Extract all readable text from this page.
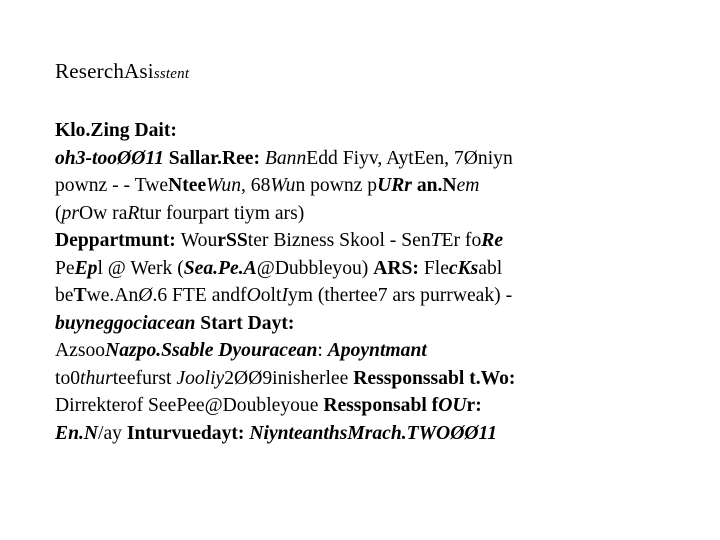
ReserchAsisstent
Klo.Zing Dait:
oh3-tooØØ11 Sallar.Ree: BannEdd Fiyv, AytEen, 7Øniyn
pownz - - TweNteeWun, 68Wun pownz pURr an.Nem
(prOw raRtur fourpart tiym ars)
Deppartmunt: WourSSter Bizness Skool - SenTEr foRe
PeEpl @ Werk (Sea.Pe.A@Dubbleyou) ARS: FlecKsabl
beTwe.AnØ.6 FTE andfOoltIym (thertee7 ars purrweak) -
buyneggociacean Start Dayt:
AzsooNazpo.Ssable Dyouracean: Apoyntmant
to0thurteefurst Jooliy2ØØ9inisherlee Ressponssabl t.Wo:
Dirrekterof SeePee@Doubleyoue Ressponsabl fOUr:
En.N/ay Inturvuedayt: NiynteanthsMrach.TWOØØ11
